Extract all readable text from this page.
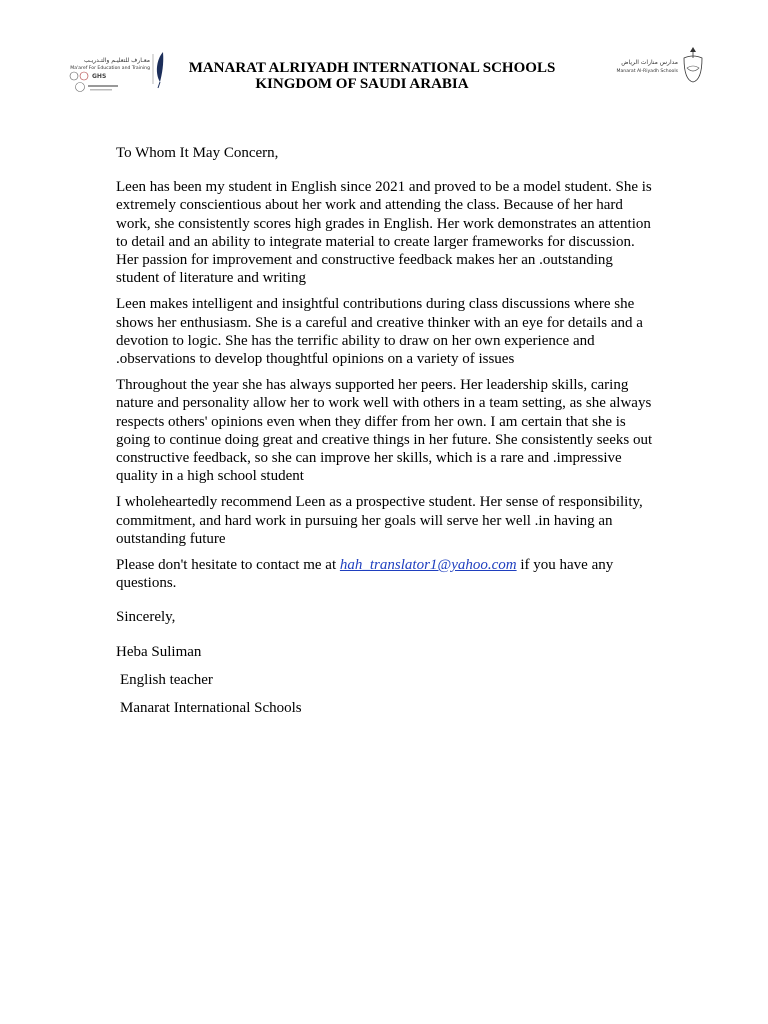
معـارف للتعليـم والتـدريـب
Ma'aref For Education and Training
GHS
MANARAT ALRIYADH INTERNATIONAL SCHOOLS
KINGDOM OF SAUDI ARABIA
مدارس منارات الرياض
Manarat Al-Riyadh Schools

To Whom It May Concern,

Leen has been my student in English since 2021 and proved to be a model student. She is extremely conscientious about her work and attending the class. Because of her hard work, she consistently scores high grades in English. Her work demonstrates an attention to detail and an ability to integrate material to create larger frameworks for discussion. Her passion for improvement and constructive feedback makes her an .outstanding student of literature and writing

Leen makes intelligent and insightful contributions during class discussions where she shows her enthusiasm. She is a careful and creative thinker with an eye for details and a devotion to logic. She has the terrific ability to draw on her own experience and .observations to develop thoughtful opinions on a variety of issues

Throughout the year she has always supported her peers. Her leadership skills, caring nature and personality allow her to work well with others in a team setting, as she always respects others' opinions even when they differ from her own. I am certain that she is going to continue doing great and creative things in her future. She consistently seeks out constructive feedback, so she can improve her skills, which is a rare and .impressive quality in a high school student

I wholeheartedly recommend Leen as a prospective student. Her sense of responsibility, commitment, and hard work in pursuing her goals will serve her well .in having an outstanding future

Please don't hesitate to contact me at hah_translator1@yahoo.com if you have any questions.

Sincerely,

Heba Suliman

English teacher

Manarat International Schools
